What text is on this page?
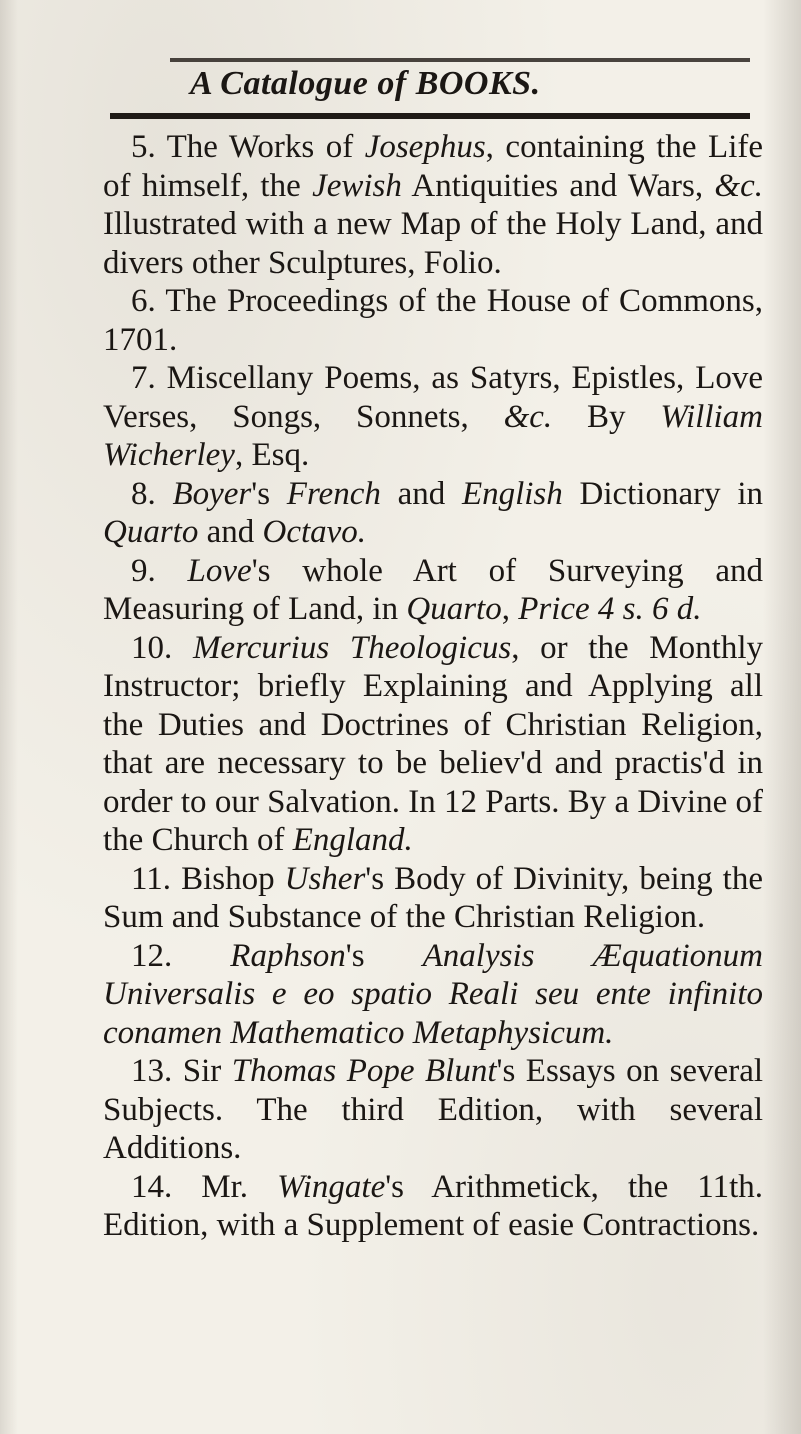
A Catalogue of BOOKS.

5. The Works of Josephus, containing the Life of himself, the Jewish Antiquities and Wars, &c. Illustrated with a new Map of the Holy Land, and divers other Sculptures, Folio.

6. The Proceedings of the House of Commons, 1701.

7. Miscellany Poems, as Satyrs, Epistles, Love Verses, Songs, Sonnets, &c. By William Wicherley, Esq.

8. Boyer's French and English Dictionary in Quarto and Octavo.

9. Love's whole Art of Surveying and Measuring of Land, in Quarto, Price 4 s. 6 d.

10. Mercurius Theologicus, or the Monthly Instructor; briefly Explaining and Applying all the Duties and Doctrines of Christian Religion, that are necessary to be believ'd and practis'd in order to our Salvation. In 12 Parts. By a Divine of the Church of England.

11. Bishop Usher's Body of Divinity, being the Sum and Substance of the Christian Religion.

12. Raphson's Analysis Æquationum Universalis e eo spatio Reali seu ente infinito conamen Mathematico Metaphysicum.

13. Sir Thomas Pope Blunt's Essays on several Subjects. The third Edition, with several Additions.

14. Mr. Wingate's Arithmetick, the 11th. Edition, with a Supplement of easie Contractions.
